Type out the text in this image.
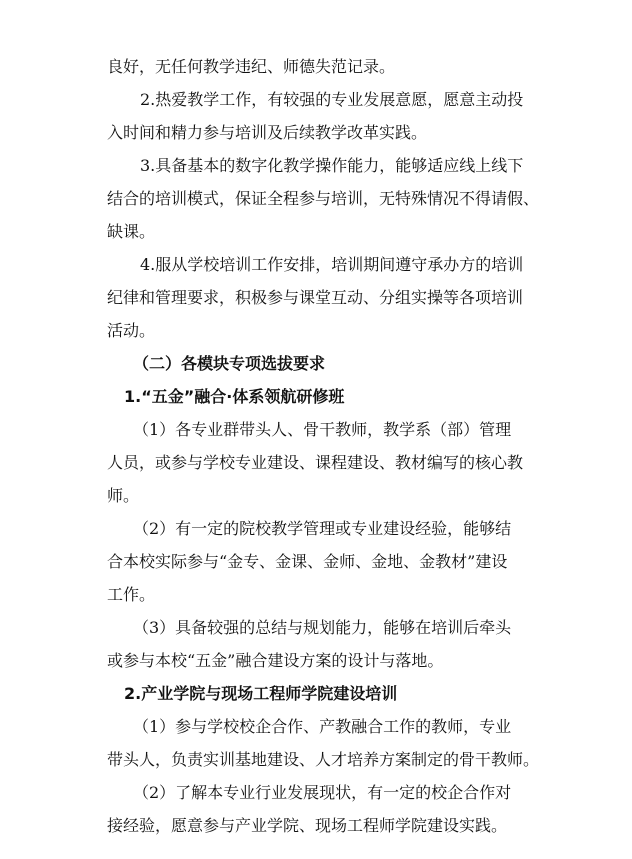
良好，无任何教学违纪、师德失范记录。
2.热爱教学工作，有较强的专业发展意愿，愿意主动投
入时间和精力参与培训及后续教学改革实践。
3.具备基本的数字化教学操作能力，能够适应线上线下
结合的培训模式，保证全程参与培训，无特殊情况不得请假、
缺课。
4.服从学校培训工作安排，培训期间遵守承办方的培训
纪律和管理要求，积极参与课堂互动、分组实操等各项培训
活动。
（二）各模块专项选拔要求
1.“五金”融合·体系领航研修班
（1）各专业群带头人、骨干教师，教学系（部）管理
人员，或参与学校专业建设、课程建设、教材编写的核心教
师。
（2）有一定的院校教学管理或专业建设经验，能够结
合本校实际参与“金专、金课、金师、金地、金教材”建设
工作。
（3）具备较强的总结与规划能力，能够在培训后牵头
或参与本校“五金”融合建设方案的设计与落地。
2.产业学院与现场工程师学院建设培训
（1）参与学校校企合作、产教融合工作的教师，专业
带头人，负责实训基地建设、人才培养方案制定的骨干教师。
（2）了解本专业行业发展现状，有一定的校企合作对
接经验，愿意参与产业学院、现场工程师学院建设实践。
